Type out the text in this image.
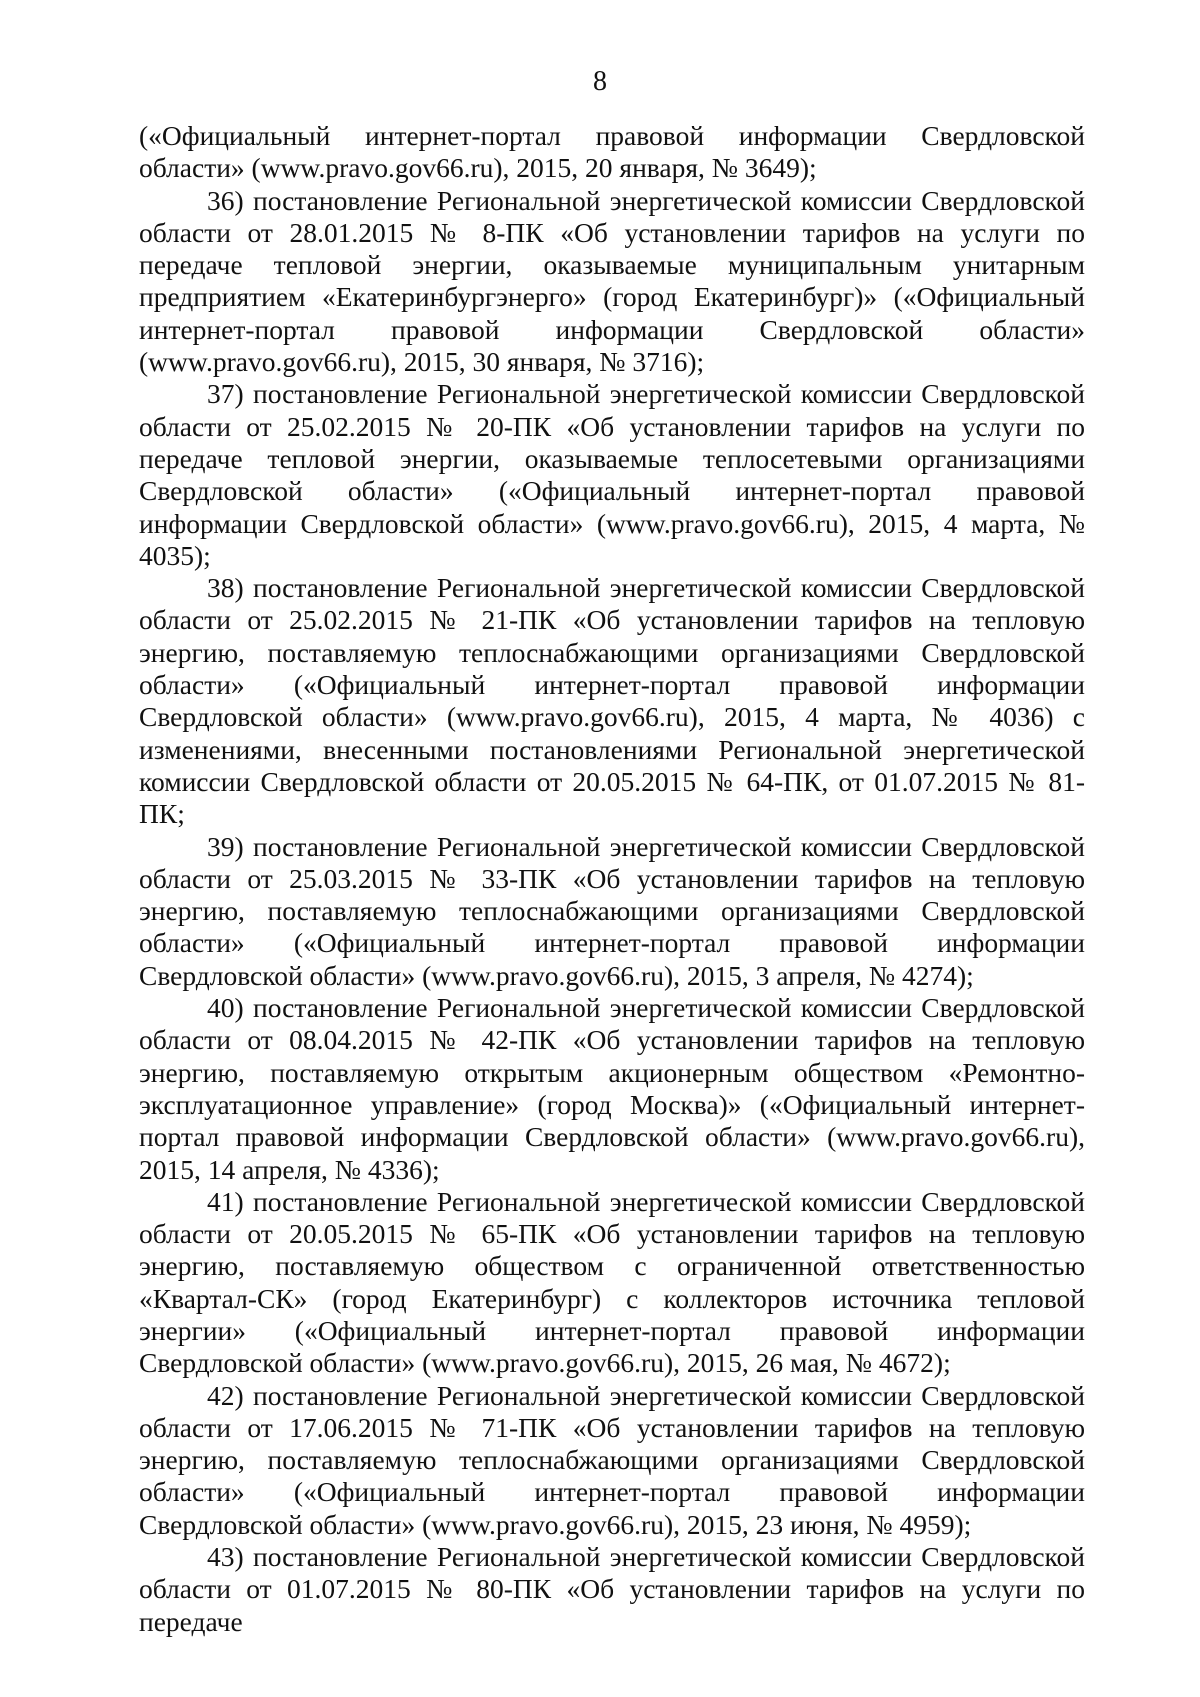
8

(«Официальный интернет-портал правовой информации Свердловской области» (www.pravo.gov66.ru), 2015, 20 января, № 3649);

36) постановление Региональной энергетической комиссии Свердловской области от 28.01.2015 № 8-ПК «Об установлении тарифов на услуги по передаче тепловой энергии, оказываемые муниципальным унитарным предприятием «Екатеринбургэнерго» (город Екатеринбург)» («Официальный интернет-портал правовой информации Свердловской области» (www.pravo.gov66.ru), 2015, 30 января, № 3716);

37) постановление Региональной энергетической комиссии Свердловской области от 25.02.2015 № 20-ПК «Об установлении тарифов на услуги по передаче тепловой энергии, оказываемые теплосетевыми организациями Свердловской области» («Официальный интернет-портал правовой информации Свердловской области» (www.pravo.gov66.ru), 2015, 4 марта, № 4035);

38) постановление Региональной энергетической комиссии Свердловской области от 25.02.2015 № 21-ПК «Об установлении тарифов на тепловую энергию, поставляемую теплоснабжающими организациями Свердловской области» («Официальный интернет-портал правовой информации Свердловской области» (www.pravo.gov66.ru), 2015, 4 марта, № 4036) с изменениями, внесенными постановлениями Региональной энергетической комиссии Свердловской области от 20.05.2015 № 64-ПК, от 01.07.2015 № 81-ПК;

39) постановление Региональной энергетической комиссии Свердловской области от 25.03.2015 № 33-ПК «Об установлении тарифов на тепловую энергию, поставляемую теплоснабжающими организациями Свердловской области» («Официальный интернет-портал правовой информации Свердловской области» (www.pravo.gov66.ru), 2015, 3 апреля, № 4274);

40) постановление Региональной энергетической комиссии Свердловской области от 08.04.2015 № 42-ПК «Об установлении тарифов на тепловую энергию, поставляемую открытым акционерным обществом «Ремонтно-эксплуатационное управление» (город Москва)» («Официальный интернет-портал правовой информации Свердловской области» (www.pravo.gov66.ru), 2015, 14 апреля, № 4336);

41) постановление Региональной энергетической комиссии Свердловской области от 20.05.2015 № 65-ПК «Об установлении тарифов на тепловую энергию, поставляемую обществом с ограниченной ответственностью «Квартал-СК» (город Екатеринбург) с коллекторов источника тепловой энергии» («Официальный интернет-портал правовой информации Свердловской области» (www.pravo.gov66.ru), 2015, 26 мая, № 4672);

42) постановление Региональной энергетической комиссии Свердловской области от 17.06.2015 № 71-ПК «Об установлении тарифов на тепловую энергию, поставляемую теплоснабжающими организациями Свердловской области» («Официальный интернет-портал правовой информации Свердловской области» (www.pravo.gov66.ru), 2015, 23 июня, № 4959);

43) постановление Региональной энергетической комиссии Свердловской области от 01.07.2015 № 80-ПК «Об установлении тарифов на услуги по передаче
